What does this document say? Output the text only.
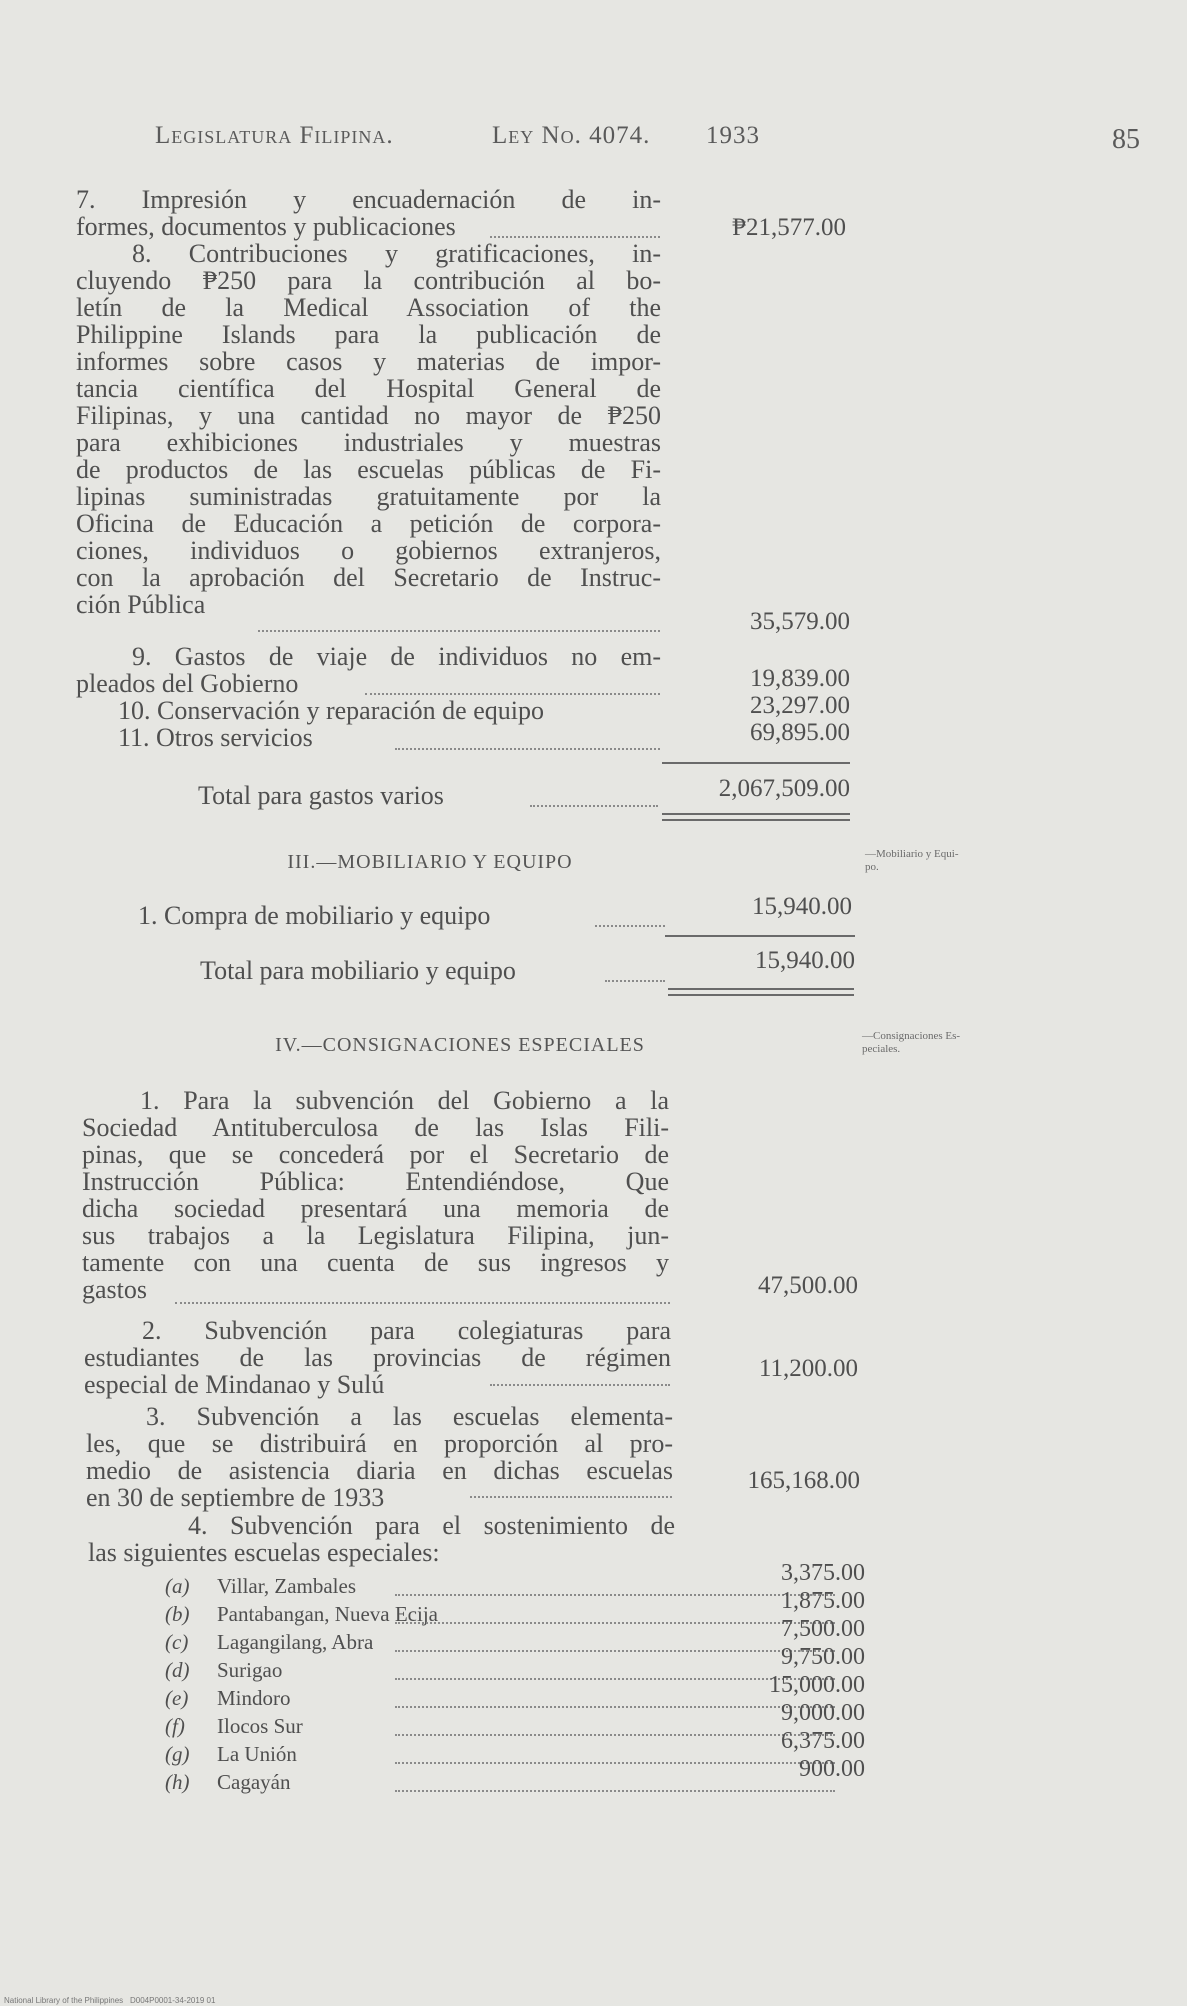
Legislatura Filipina.	Ley No. 4074. 1933	85
7. Impresión y encuadernación de in-
formes, documentos y publicaciones	₱21,577.00
8. Contribuciones y gratificaciones, in-
cluyendo ₱250 para la contribución al bo-
letín de la Medical Association of the
Philippine Islands para la publicación de
informes sobre casos y materias de impor-
tancia científica del Hospital General de
Filipinas, y una cantidad no mayor de ₱250
para exhibiciones industriales y muestras
de productos de las escuelas públicas de Fi-
lipinas suministradas gratuitamente por la
Oficina de Educación a petición de corpora-
ciones, individuos o gobiernos extranjeros,
con la aprobación del Secretario de Instruc-
ción Pública
35,579.00
9. Gastos de viaje de individuos no em-
pleados del Gobierno	19,839.00
10. Conservación y reparación de equipo	23,297.00
11. Otros servicios	69,895.00
Total para gastos varios	2,067,509.00
III.—MOBILIARIO Y EQUIPO	—Mobiliario y Equi-
po.
1. Compra de mobiliario y equipo	15,940.00
Total para mobiliario y equipo	15,940.00
IV.—CONSIGNACIONES ESPECIALES	—Consignaciones Es-
peciales.
1. Para la subvención del Gobierno a la
Sociedad Antituberculosa de las Islas Fili-
pinas, que se concederá por el Secretario de
Instrucción Pública: Entendiéndose, Que
dicha sociedad presentará una memoria de
sus trabajos a la Legislatura Filipina, jun-
tamente con una cuenta de sus ingresos y
gastos	47,500.00
2. Subvención para colegiaturas para
estudiantes de las provincias de régimen
especial de Mindanao y Sulú
11,200.00
3. Subvención a las escuelas elementa-
les, que se distribuirá en proporción al pro-
medio de asistencia diaria en dichas escuelas
en 30 de septiembre de 1933
165,168.00
4. Subvención para el sostenimiento de
las siguientes escuelas especiales:
(a) Villar, Zambales	3,375.00
(b) Pantabangan, Nueva Ecija	1,875.00
(c) Lagangilang, Abra	7,500.00
(d) Surigao	9,750.00
(e) Mindoro	15,000.00
(f) Ilocos Sur	9,000.00
(g) La Unión	6,375.00
(h) Cagayán	900.00
National Library of the Philippines D004P0001-34-2019 01
